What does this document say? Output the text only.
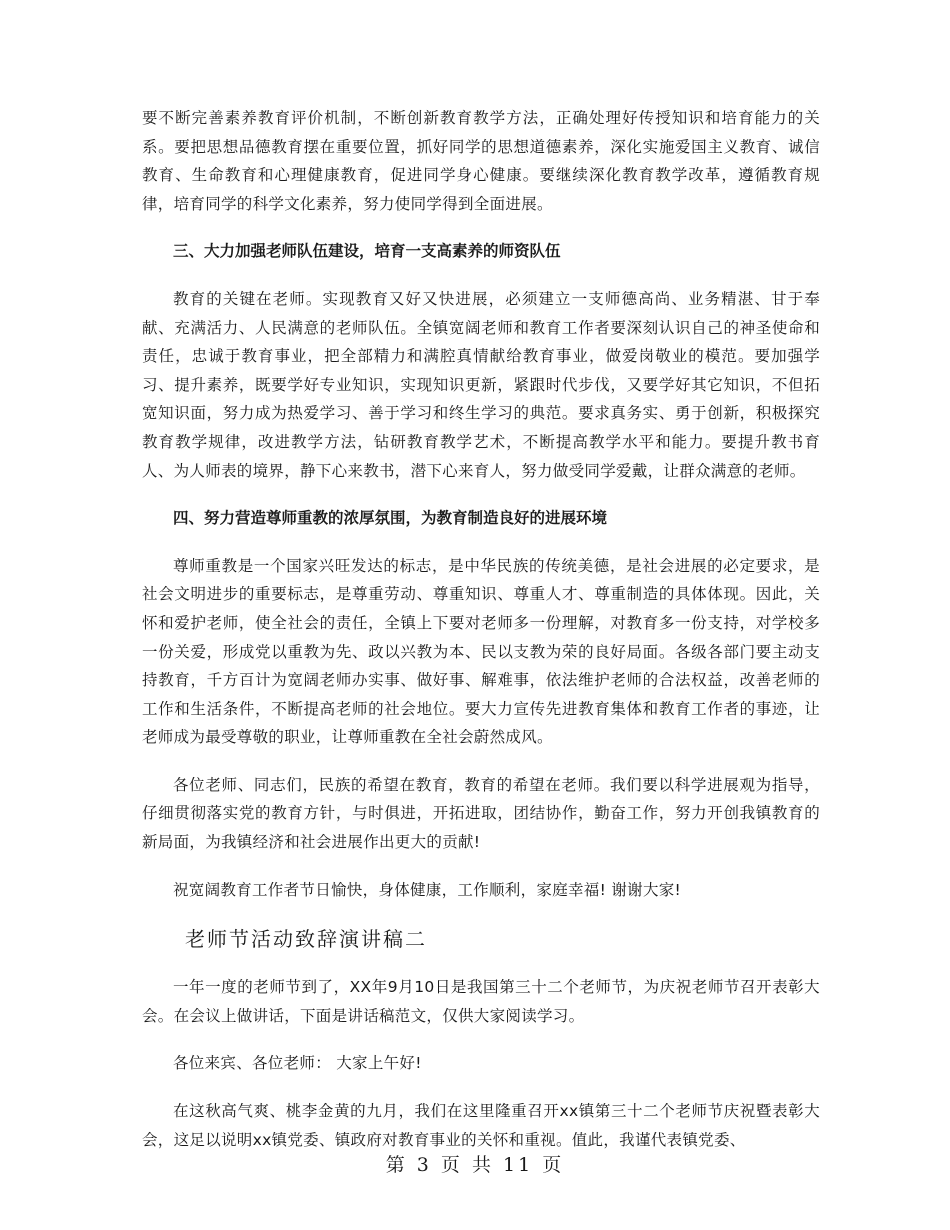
要不断完善素养教育评价机制，不断创新教育教学方法，正确处理好传授知识和培育能力的关系。要把思想品德教育摆在重要位置，抓好同学的思想道德素养，深化实施爱国主义教育、诚信教育、生命教育和心理健康教育，促进同学身心健康。要继续深化教育教学改革，遵循教育规律，培育同学的科学文化素养，努力使同学得到全面进展。

三、大力加强老师队伍建设，培育一支高素养的师资队伍

教育的关键在老师。实现教育又好又快进展，必须建立一支师德高尚、业务精湛、甘于奉献、充满活力、人民满意的老师队伍。全镇宽阔老师和教育工作者要深刻认识自己的神圣使命和责任，忠诚于教育事业，把全部精力和满腔真情献给教育事业，做爱岗敬业的模范。要加强学习、提升素养，既要学好专业知识，实现知识更新，紧跟时代步伐，又要学好其它知识，不但拓宽知识面，努力成为热爱学习、善于学习和终生学习的典范。要求真务实、勇于创新，积极探究教育教学规律，改进教学方法，钻研教育教学艺术，不断提高教学水平和能力。要提升教书育人、为人师表的境界，静下心来教书，潜下心来育人，努力做受同学爱戴，让群众满意的老师。

四、努力营造尊师重教的浓厚氛围，为教育制造良好的进展环境

尊师重教是一个国家兴旺发达的标志，是中华民族的传统美德，是社会进展的必定要求，是社会文明进步的重要标志，是尊重劳动、尊重知识、尊重人才、尊重制造的具体体现。因此，关怀和爱护老师，使全社会的责任，全镇上下要对老师多一份理解，对教育多一份支持，对学校多一份关爱，形成党以重教为先、政以兴教为本、民以支教为荣的良好局面。各级各部门要主动支持教育，千方百计为宽阔老师办实事、做好事、解难事，依法维护老师的合法权益，改善老师的工作和生活条件，不断提高老师的社会地位。要大力宣传先进教育集体和教育工作者的事迹，让老师成为最受尊敬的职业，让尊师重教在全社会蔚然成风。

各位老师、同志们，民族的希望在教育，教育的希望在老师。我们要以科学进展观为指导，仔细贯彻落实党的教育方针，与时俱进，开拓进取，团结协作，勤奋工作，努力开创我镇教育的新局面，为我镇经济和社会进展作出更大的贡献!

祝宽阔教育工作者节日愉快，身体健康，工作顺利，家庭幸福! 谢谢大家!

老师节活动致辞演讲稿二

一年一度的老师节到了，XX年9月10日是我国第三十二个老师节，为庆祝老师节召开表彰大会。在会议上做讲话，下面是讲话稿范文，仅供大家阅读学习。

各位来宾、各位老师： 大家上午好!

在这秋高气爽、桃李金黄的九月，我们在这里隆重召开xx镇第三十二个老师节庆祝暨表彰大会，这足以说明xx镇党委、镇政府对教育事业的关怀和重视。值此，我谨代表镇党委、

第 3 页 共 11 页
